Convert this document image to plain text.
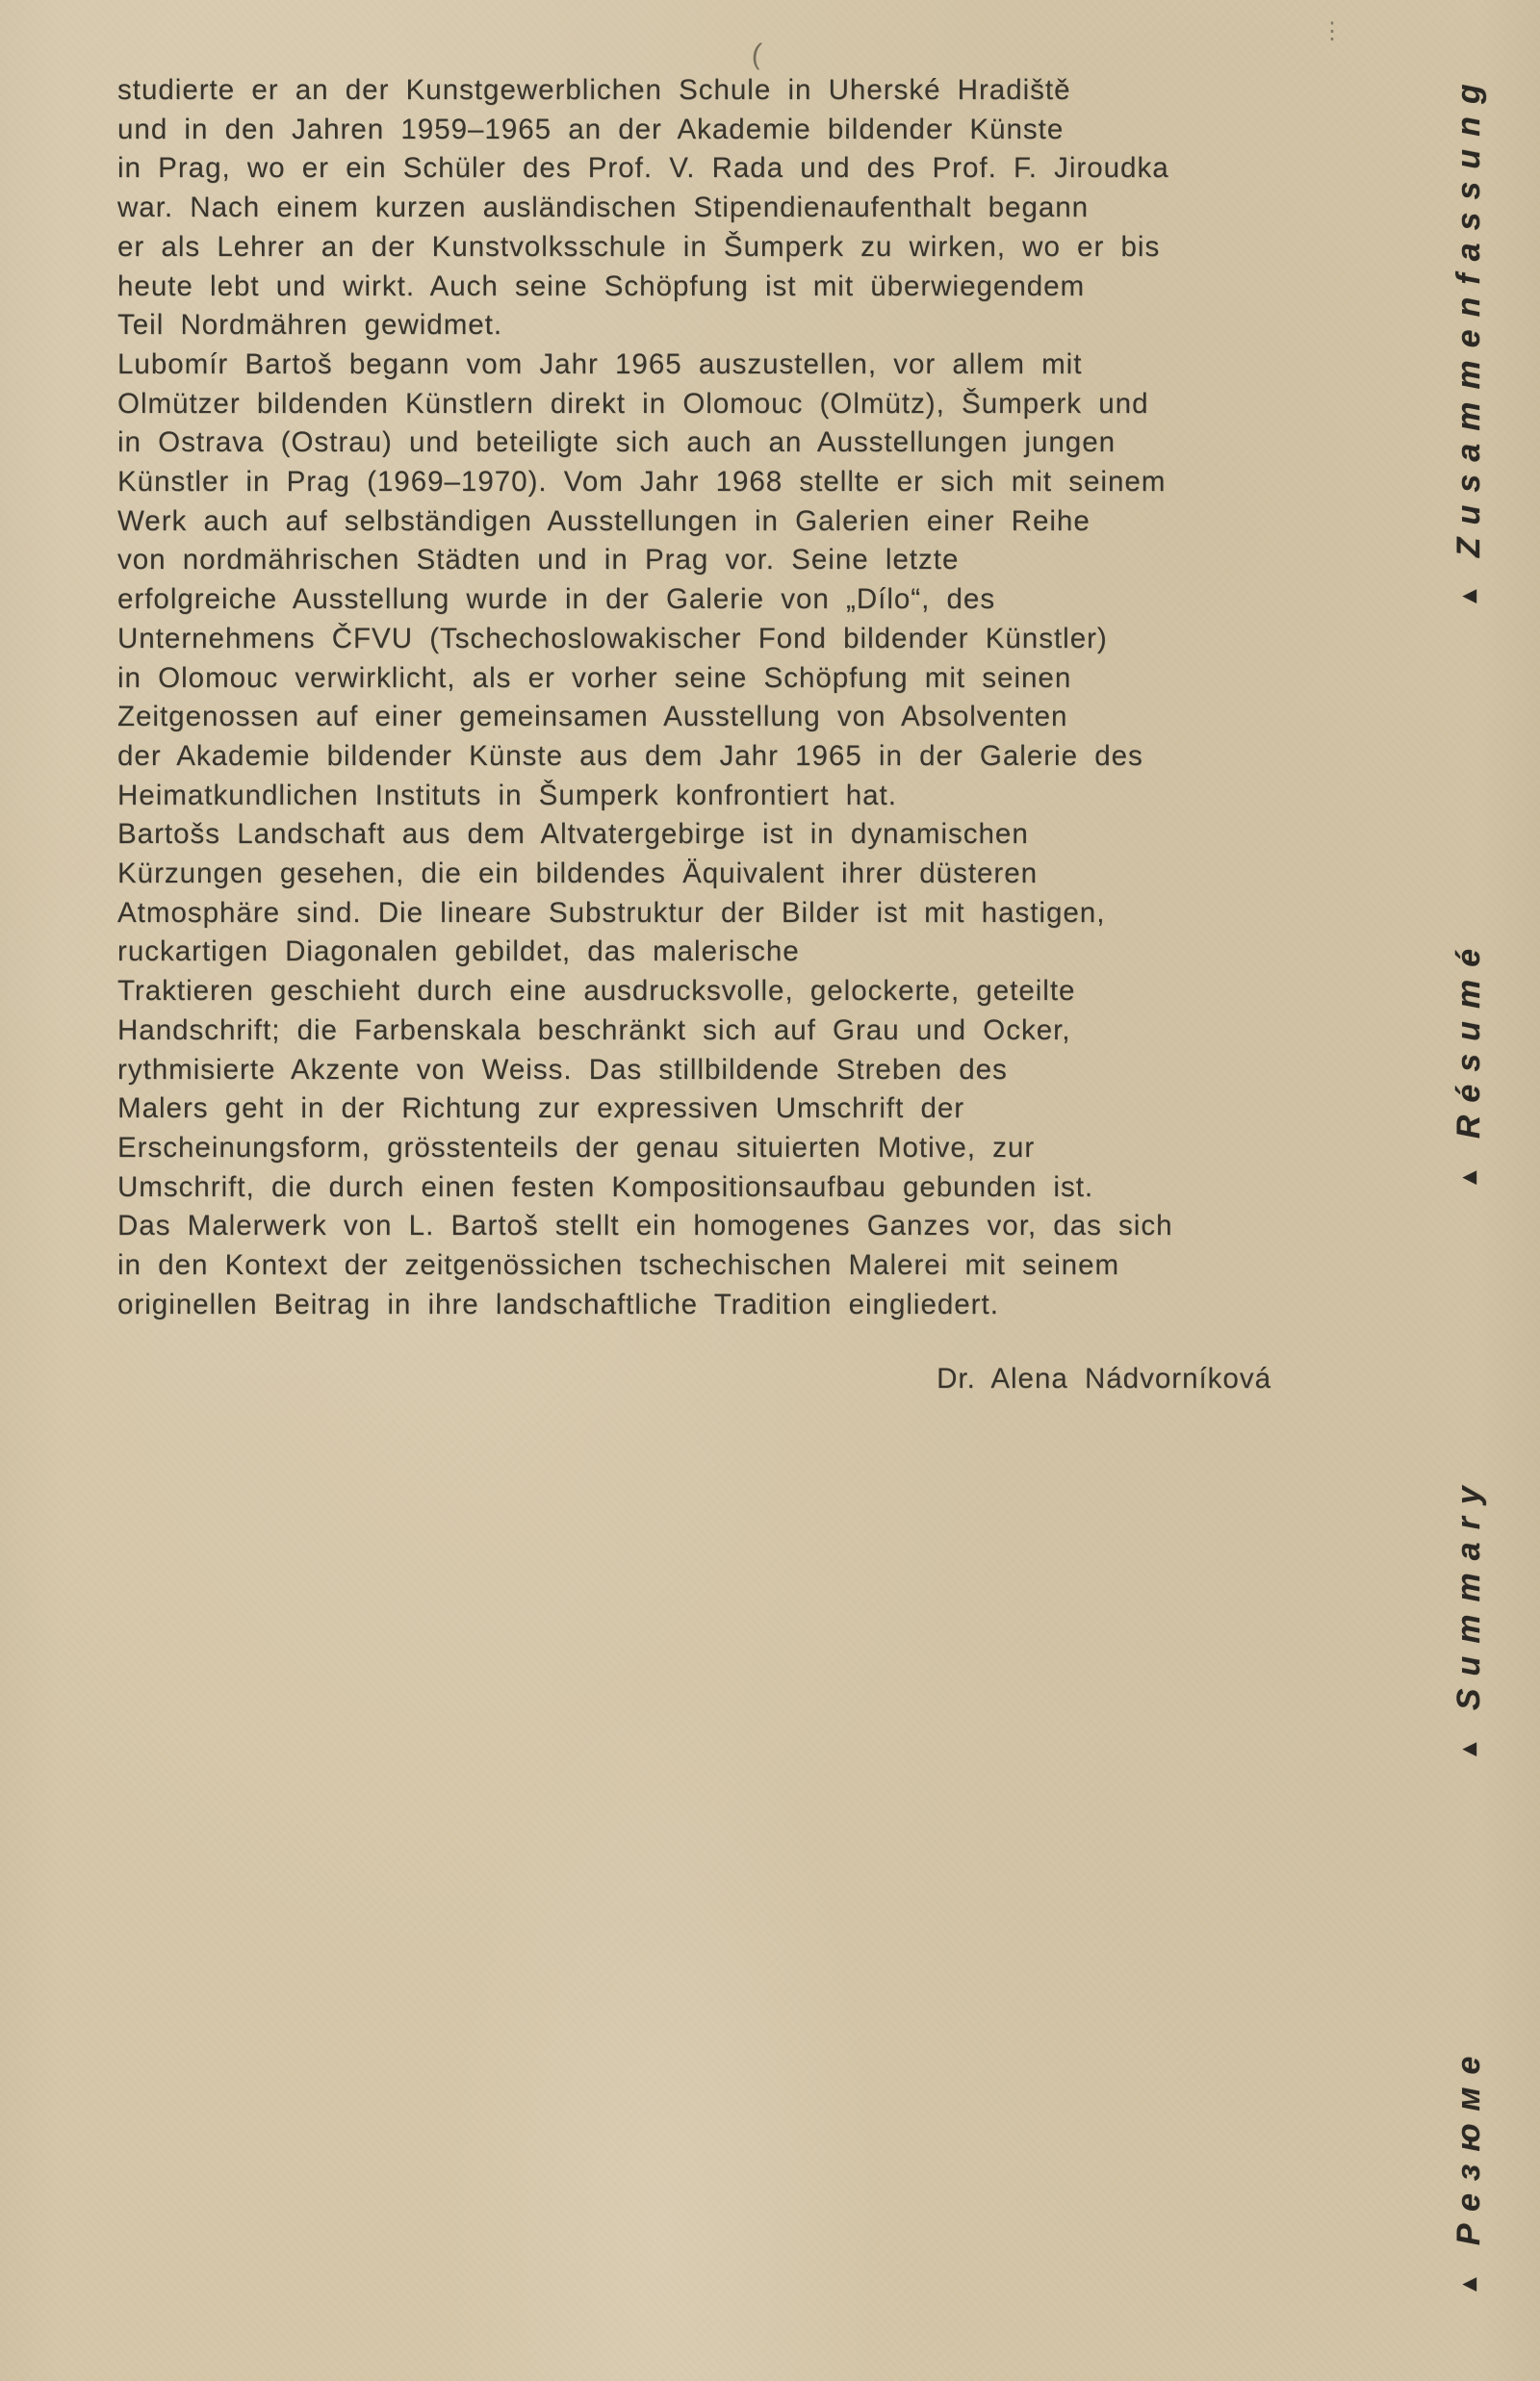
(
⋮
studierte er an der Kunstgewerblichen Schule in Uherské Hradiště
und in den Jahren 1959–1965 an der Akademie bildender Künste
in Prag, wo er ein Schüler des Prof. V. Rada und des Prof. F. Jiroudka
war. Nach einem kurzen ausländischen Stipendienaufenthalt begann
er als Lehrer an der Kunstvolksschule in Šumperk zu wirken, wo er bis
heute lebt und wirkt. Auch seine Schöpfung ist mit überwiegendem
Teil Nordmähren gewidmet.
Lubomír Bartoš begann vom Jahr 1965 auszustellen, vor allem mit
Olmützer bildenden Künstlern direkt in Olomouc (Olmütz), Šumperk und
in Ostrava (Ostrau) und beteiligte sich auch an Ausstellungen jungen
Künstler in Prag (1969–1970). Vom Jahr 1968 stellte er sich mit seinem
Werk auch auf selbständigen Ausstellungen in Galerien einer Reihe
von nordmährischen Städten und in Prag vor. Seine letzte
erfolgreiche Ausstellung wurde in der Galerie von „Dílo“, des
Unternehmens ČFVU (Tschechoslowakischer Fond bildender Künstler)
in Olomouc verwirklicht, als er vorher seine Schöpfung mit seinen
Zeitgenossen auf einer gemeinsamen Ausstellung von Absolventen
der Akademie bildender Künste aus dem Jahr 1965 in der Galerie des
Heimatkundlichen Instituts in Šumperk konfrontiert hat.
Bartošs Landschaft aus dem Altvatergebirge ist in dynamischen
Kürzungen gesehen, die ein bildendes Äquivalent ihrer düsteren
Atmosphäre sind. Die lineare Substruktur der Bilder ist mit hastigen,
ruckartigen Diagonalen gebildet, das malerische
Traktieren geschieht durch eine ausdrucksvolle, gelockerte, geteilte
Handschrift; die Farbenskala beschränkt sich auf Grau und Ocker,
rythmisierte Akzente von Weiss. Das stillbildende Streben des
Malers geht in der Richtung zur expressiven Umschrift der
Erscheinungsform, grösstenteils der genau situierten Motive, zur
Umschrift, die durch einen festen Kompositionsaufbau gebunden ist.
Das Malerwerk von L. Bartoš stellt ein homogenes Ganzes vor, das sich
in den Kontext der zeitgenössichen tschechischen Malerei mit seinem
originellen Beitrag in ihre landschaftliche Tradition eingliedert.
Dr. Alena Nádvorníková
▲Zusammenfassung
▲Résumé
▲Summary
▲Резюме
